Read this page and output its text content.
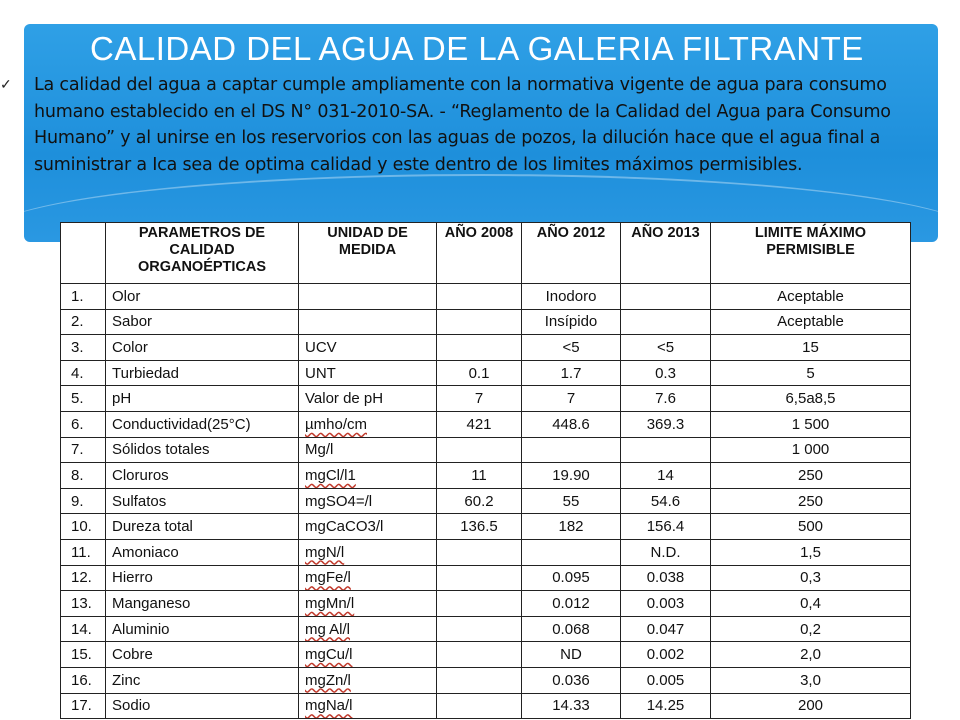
CALIDAD DEL AGUA DE LA GALERIA FILTRANTE
✓ La calidad del agua a captar cumple ampliamente con la normativa vigente de agua para consumo humano establecido en el DS N° 031-2010-SA. - “Reglamento de la Calidad del Agua para Consumo Humano” y al unirse en los reservorios con las aguas de pozos, la dilución hace que el agua final a suministrar a Ica sea de optima calidad y este dentro de los limites máximos permisibles.
	PARAMETROS DE CALIDAD ORGANOÉPTICAS	UNIDAD DE MEDIDA	AÑO 2008	AÑO 2012	AÑO 2013	LIMITE MÁXIMO PERMISIBLE
1.	Olor			Inodoro		Aceptable
2.	Sabor			Insípido		Aceptable
3.	Color	UCV		<5	<5	15
4.	Turbiedad	UNT	0.1	1.7	0.3	5
5.	pH	Valor de pH	7	7	7.6	6,5a8,5
6.	Conductividad(25°C)	µmho/cm	421	448.6	369.3	1 500
7.	Sólidos totales	Mg/l				1 000
8.	Cloruros	mgCl/l1	11	19.90	14	250
9.	Sulfatos	mgSO4=/l	60.2	55	54.6	250
10.	Dureza total	mgCaCO3/l	136.5	182	156.4	500
11.	Amoniaco	mgN/l			N.D.	1,5
12.	Hierro	mgFe/l		0.095	0.038	0,3
13.	Manganeso	mgMn/l		0.012	0.003	0,4
14.	Aluminio	mg Al/l		0.068	0.047	0,2
15.	Cobre	mgCu/l		ND	0.002	2,0
16.	Zinc	mgZn/l		0.036	0.005	3,0
17.	Sodio	mgNa/l		14.33	14.25	200
